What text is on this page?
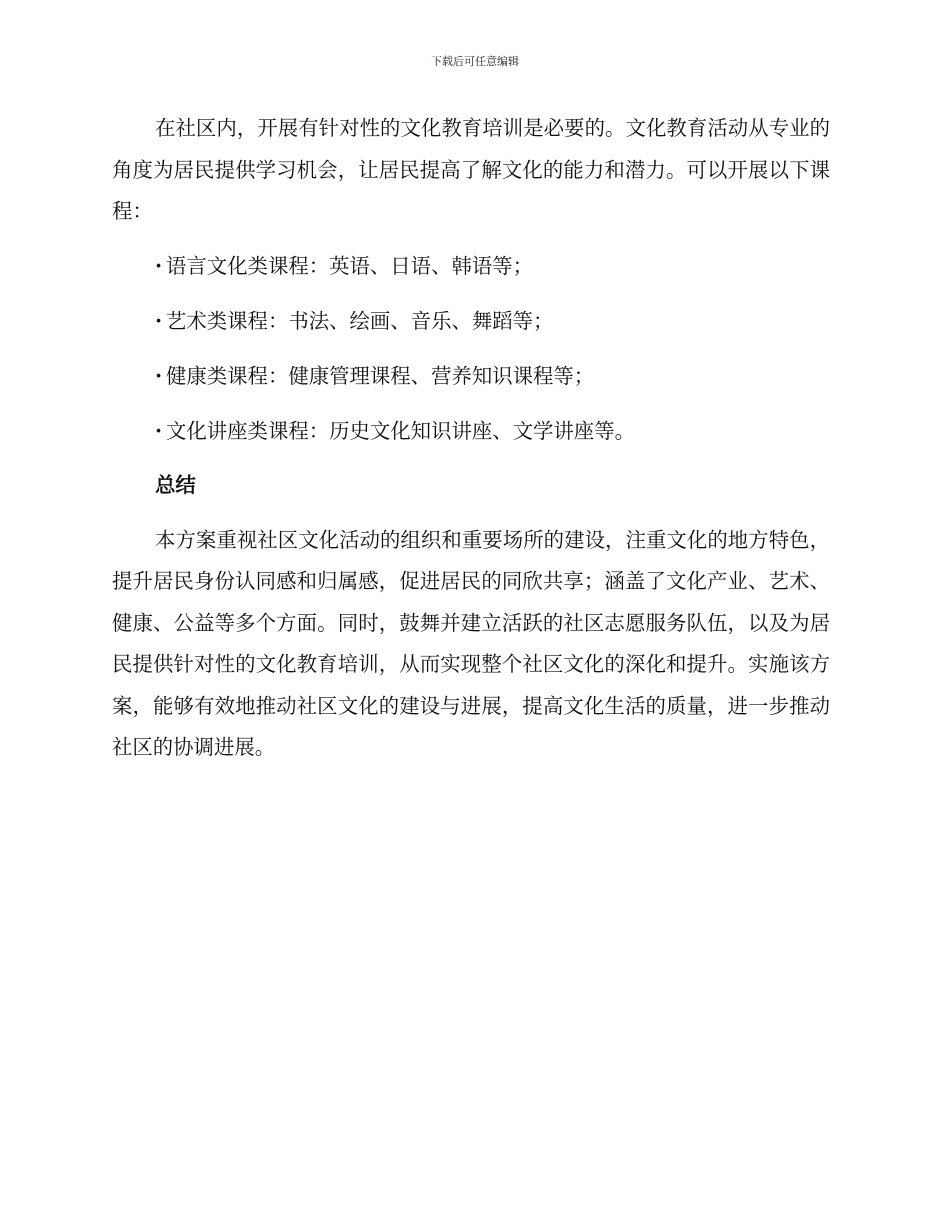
下载后可任意编辑

在社区内，开展有针对性的文化教育培训是必要的。文化教育活动从专业的角度为居民提供学习机会，让居民提高了解文化的能力和潜力。可以开展以下课程：

· 语言文化类课程：英语、日语、韩语等；

· 艺术类课程：书法、绘画、音乐、舞蹈等；

· 健康类课程：健康管理课程、营养知识课程等；

· 文化讲座类课程：历史文化知识讲座、文学讲座等。

总结

本方案重视社区文化活动的组织和重要场所的建设，注重文化的地方特色，提升居民身份认同感和归属感，促进居民的同欣共享；涵盖了文化产业、艺术、健康、公益等多个方面。同时，鼓舞并建立活跃的社区志愿服务队伍，以及为居民提供针对性的文化教育培训，从而实现整个社区文化的深化和提升。实施该方案，能够有效地推动社区文化的建设与进展，提高文化生活的质量，进一步推动社区的协调进展。
